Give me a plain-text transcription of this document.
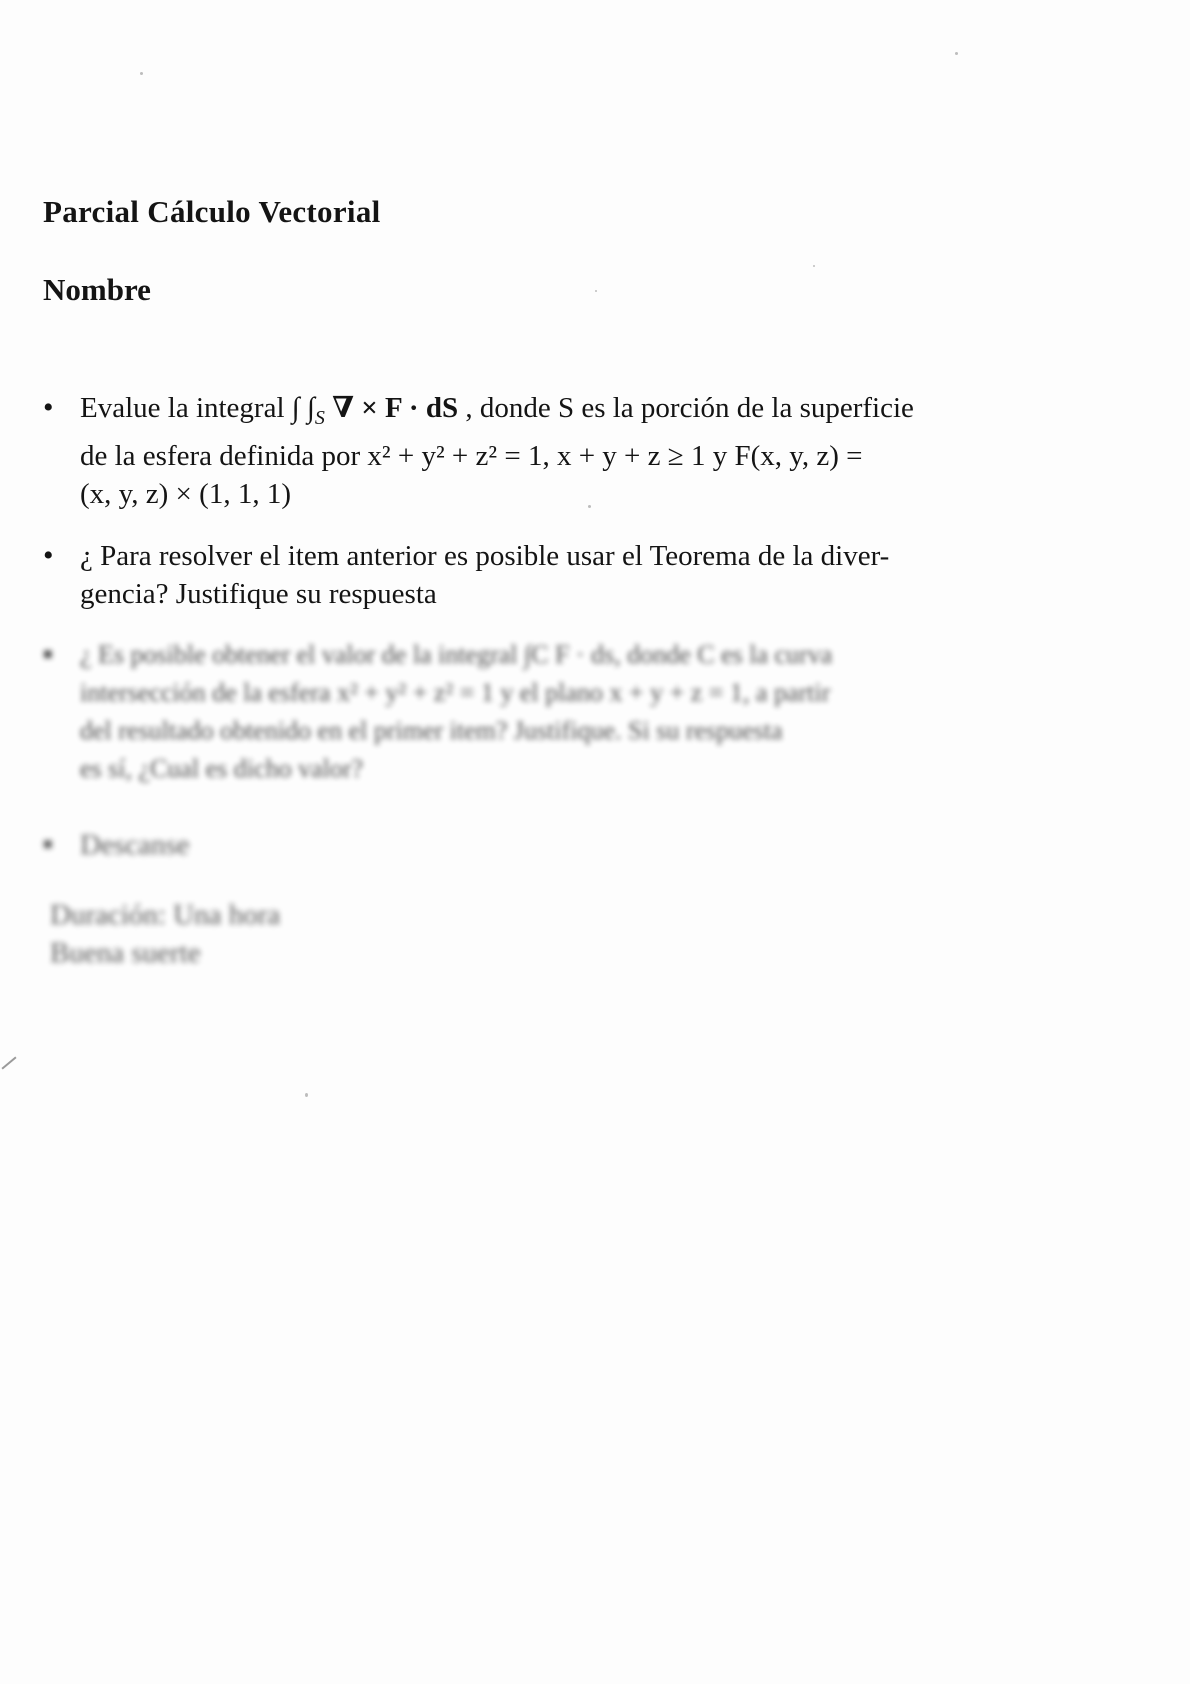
Parcial Cálculo Vectorial
Nombre
• Evalue la integral ∫ $\int_S$ ∇ × F · dS , donde S es la porción de la superficie
de la esfera definida por x² + y² + z² = 1, x + y + z ≥ 1 y F(x, y, z) =
(x, y, z) × (1, 1, 1)
• ¿ Para resolver el item anterior es posible usar el Teorema de la diver-
gencia? Justifique su respuesta
■ ¿ Es posible obtener el valor de la integral ∫C F · ds, donde C es la curva
intersección de la esfera x² + y² + z² = 1 y el plano x + y + z = 1, a partir
del resultado obtenido en el primer item? Justifique. Si su respuesta
es sí, ¿Cual es dicho valor?
■ Descanse
Duración: Una hora
Buena suerte
